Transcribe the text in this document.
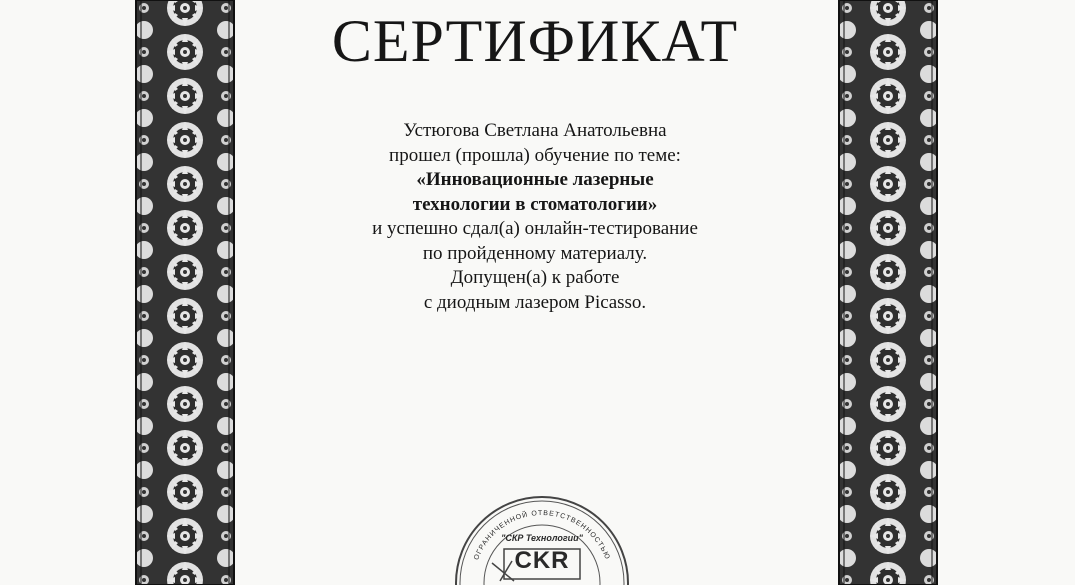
СЕРТИФИКАТ
Устюгова Светлана Анатольевна
прошел (прошла) обучение по теме:
«Инновационные лазерные
технологии в стоматологии»
и успешно сдал(а) онлайн-тестирование
по пройденному материалу.
Допущен(а) к работе
с диодным лазером Picasso.
ОГРАНИЧЕННОЙ ОТВЕТСТВЕННОСТЬЮ
"СКР Технологии"
CKR
